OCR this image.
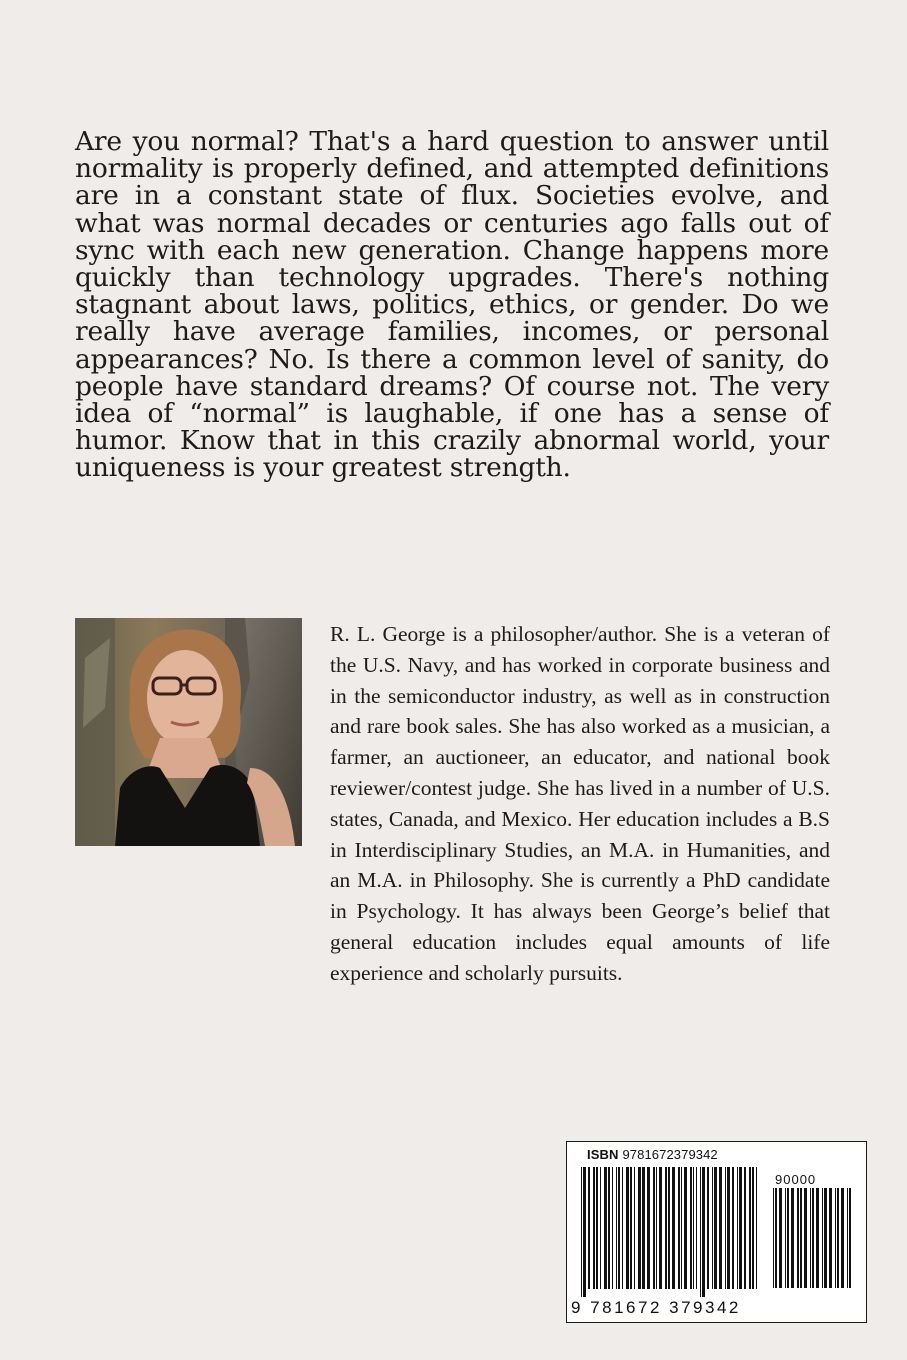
Are you normal? That's a hard question to answer until normality is properly defined, and attempted definitions are in a constant state of flux. Societies evolve, and what was normal decades or centuries ago falls out of sync with each new generation. Change happens more quickly than technology upgrades. There's nothing stagnant about laws, politics, ethics, or gender. Do we really have average families, incomes, or personal appearances? No. Is there a common level of sanity, do people have standard dreams? Of course not. The very idea of “normal” is laughable, if one has a sense of humor. Know that in this crazily abnormal world, your uniqueness is your greatest strength.

R. L. George is a philosopher/author. She is a veteran of the U.S. Navy, and has worked in corporate business and in the semiconductor industry, as well as in construction and rare book sales. She has also worked as a musician, a farmer, an auctioneer, an educator, and national book reviewer/contest judge. She has lived in a number of U.S. states, Canada, and Mexico. Her education includes a B.S in Interdisciplinary Studies, an M.A. in Humanities, and an M.A. in Philosophy. She is currently a PhD candidate in Psychology. It has always been George’s belief that general education includes equal amounts of life experience and scholarly pursuits.

ISBN 9781672379342
90000
9 781672 379342
